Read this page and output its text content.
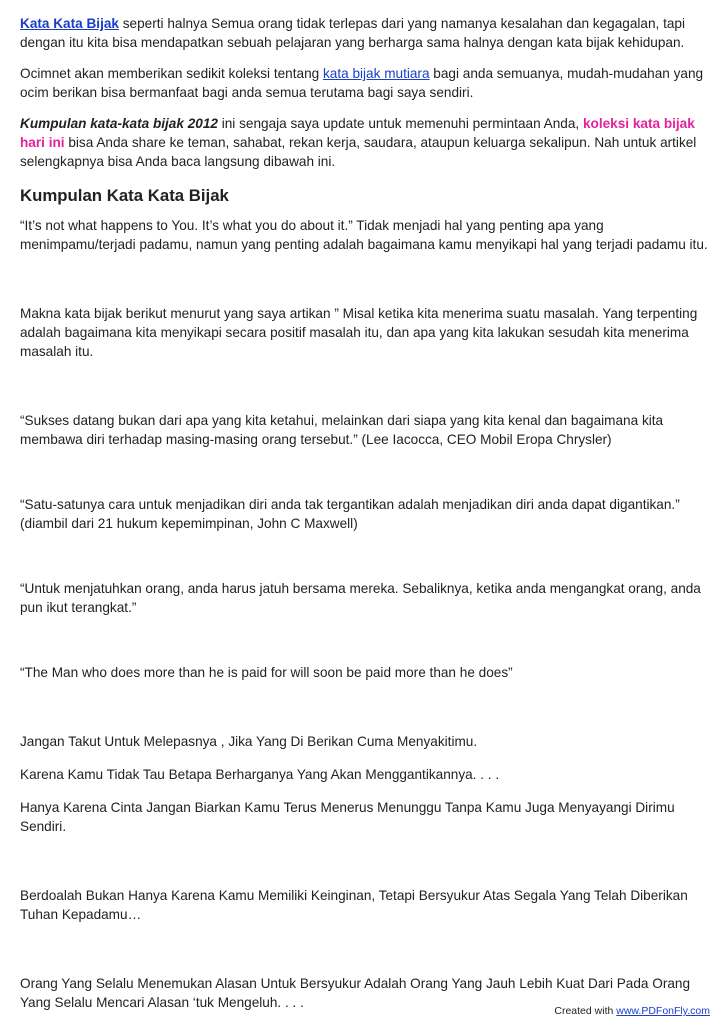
Kata Kata Bijak seperti halnya Semua orang tidak terlepas dari yang namanya kesalahan dan kegagalan, tapi dengan itu kita bisa mendapatkan sebuah pelajaran yang berharga sama halnya dengan kata bijak kehidupan.

Ocimnet akan memberikan sedikit koleksi tentang kata bijak mutiara bagi anda semuanya, mudah-mudahan yang ocim berikan bisa bermanfaat bagi anda semua terutama bagi saya sendiri.

Kumpulan kata-kata bijak 2012 ini sengaja saya update untuk memenuhi permintaan Anda, koleksi kata bijak hari ini bisa Anda share ke teman, sahabat, rekan kerja, saudara, ataupun keluarga sekalipun. Nah untuk artikel selengkapnya bisa Anda baca langsung dibawah ini.

Kumpulan Kata Kata Bijak

“It’s not what happens to You. It’s what you do about it.” Tidak menjadi hal yang penting apa yang menimpamu/terjadi padamu, namun yang penting adalah bagaimana kamu menyikapi hal yang terjadi padamu itu.

Makna kata bijak berikut menurut yang saya artikan ” Misal ketika kita menerima suatu masalah. Yang terpenting adalah bagaimana kita menyikapi secara positif masalah itu, dan apa yang kita lakukan sesudah kita menerima masalah itu.

“Sukses datang bukan dari apa yang kita ketahui, melainkan dari siapa yang kita kenal dan bagaimana kita membawa diri terhadap masing-masing orang tersebut.” (Lee Iacocca, CEO Mobil Eropa Chrysler)

“Satu-satunya cara untuk menjadikan diri anda tak tergantikan adalah menjadikan diri anda dapat digantikan.” (diambil dari 21 hukum kepemimpinan, John C Maxwell)

“Untuk menjatuhkan orang, anda harus jatuh bersama mereka. Sebaliknya, ketika anda mengangkat orang, anda pun ikut terangkat.”

“The Man who does more than he is paid for will soon be paid more than he does”

Jangan Takut Untuk Melepasnya , Jika Yang Di Berikan Cuma Menyakitimu.

Karena Kamu Tidak Tau Betapa Berharganya Yang Akan Menggantikannya. . . .

Hanya Karena Cinta Jangan Biarkan Kamu Terus Menerus Menunggu Tanpa Kamu Juga Menyayangi Dirimu Sendiri.

Berdoalah Bukan Hanya Karena Kamu Memiliki Keinginan, Tetapi Bersyukur Atas Segala Yang Telah Diberikan Tuhan Kepadamu…

Orang Yang Selalu Menemukan Alasan Untuk Bersyukur Adalah Orang Yang Jauh Lebih Kuat Dari Pada Orang Yang Selalu Mencari Alasan ‘tuk Mengeluh. . . .

Created with www.PDFonFly.com
